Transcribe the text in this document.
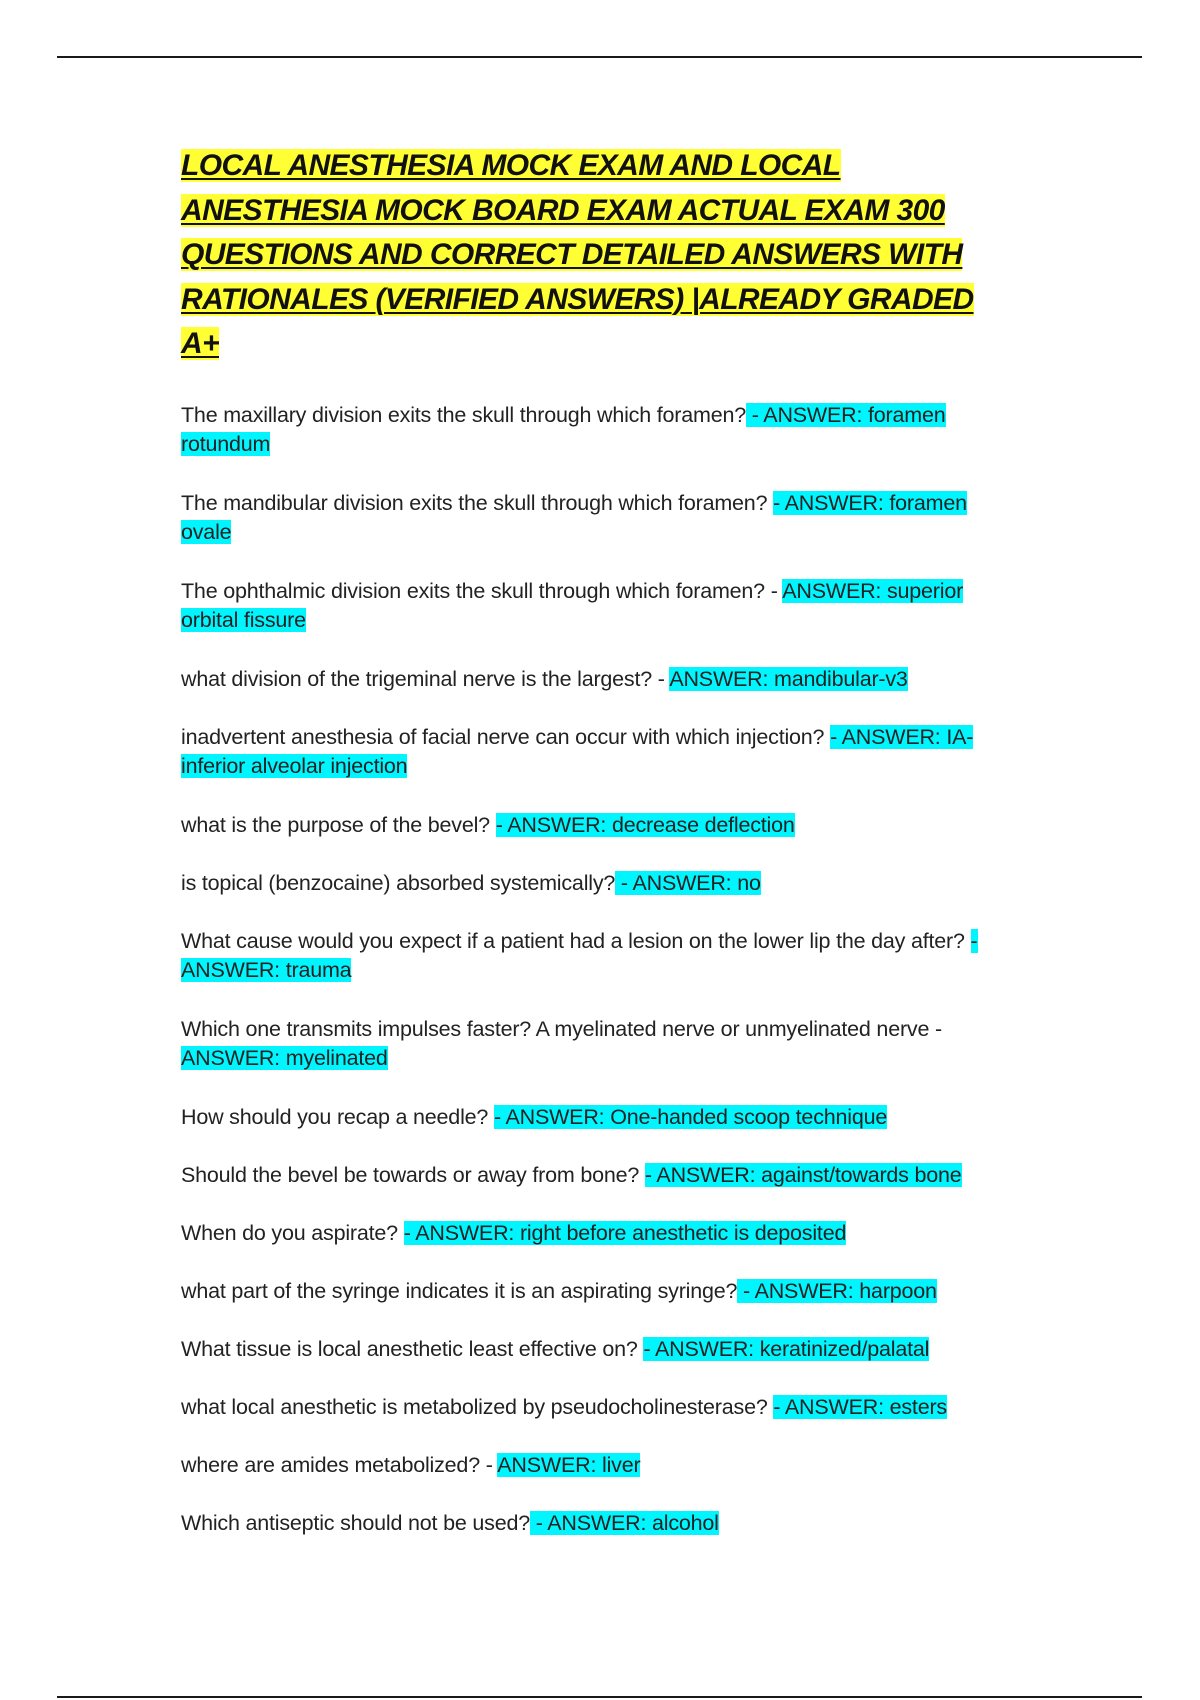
LOCAL ANESTHESIA MOCK EXAM AND LOCAL ANESTHESIA MOCK BOARD EXAM ACTUAL EXAM 300 QUESTIONS AND CORRECT DETAILED ANSWERS WITH RATIONALES (VERIFIED ANSWERS) |ALREADY GRADED A+

The maxillary division exits the skull through which foramen? - ANSWER: foramen rotundum

The mandibular division exits the skull through which foramen? - ANSWER: foramen ovale

The ophthalmic division exits the skull through which foramen? - ANSWER: superior orbital fissure

what division of the trigeminal nerve is the largest? - ANSWER: mandibular-v3

inadvertent anesthesia of facial nerve can occur with which injection? - ANSWER: IA-inferior alveolar injection

what is the purpose of the bevel? - ANSWER: decrease deflection

is topical (benzocaine) absorbed systemically? - ANSWER: no

What cause would you expect if a patient had a lesion on the lower lip the day after? - ANSWER: trauma

Which one transmits impulses faster? A myelinated nerve or unmyelinated nerve - ANSWER: myelinated

How should you recap a needle? - ANSWER: One-handed scoop technique

Should the bevel be towards or away from bone? - ANSWER: against/towards bone

When do you aspirate? - ANSWER: right before anesthetic is deposited

what part of the syringe indicates it is an aspirating syringe? - ANSWER: harpoon

What tissue is local anesthetic least effective on? - ANSWER: keratinized/palatal

what local anesthetic is metabolized by pseudocholinesterase? - ANSWER: esters

where are amides metabolized? - ANSWER: liver

Which antiseptic should not be used? - ANSWER: alcohol
